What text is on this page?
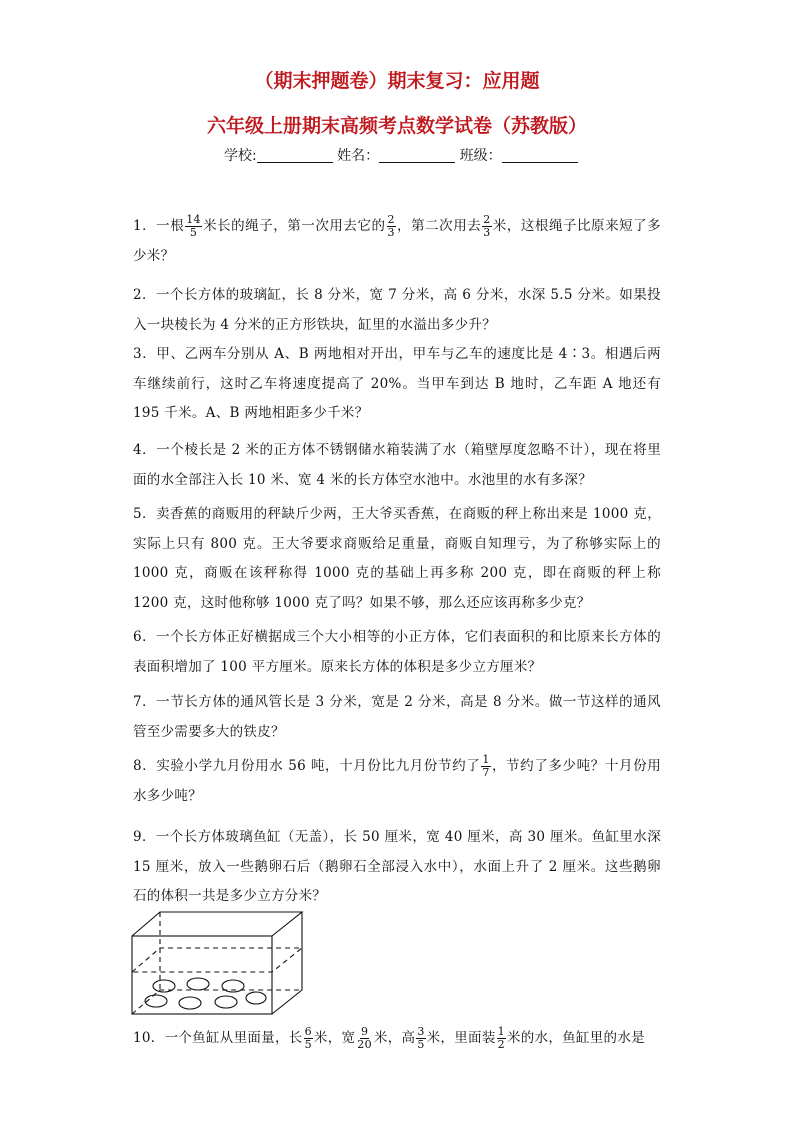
（期末押题卷）期末复习：应用题
六年级上册期末高频考点数学试卷（苏教版）
学校:	姓名：	班级：
1．一根 $\frac{14}{5}$ 米长的绳子，第一次用去它的 $\frac{2}{3}$ ，第二次用去 $\frac{2}{3}$ 米，这根绳子比原来短了多少米？
2．一个长方体的玻璃缸，长 8 分米，宽 7 分米，高 6 分米，水深 5.5 分米。如果投入一块棱长为 4 分米的正方形铁块，缸里的水溢出多少升？
3．甲、乙两车分别从 A、B 两地相对开出，甲车与乙车的速度比是 4∶3。相遇后两车继续前行，这时乙车将速度提高了 20%。当甲车到达 B 地时，乙车距 A 地还有 195 千米。A、B 两地相距多少千米？
4．一个棱长是 2 米的正方体不锈钢储水箱装满了水（箱壁厚度忽略不计），现在将里面的水全部注入长 10 米、宽 4 米的长方体空水池中。水池里的水有多深？
5．卖香蕉的商贩用的秤缺斤少两，王大爷买香蕉，在商贩的秤上称出来是 1000 克，实际上只有 800 克。王大爷要求商贩给足重量，商贩自知理亏，为了称够实际上的 1000 克，商贩在该秤称得 1000 克的基础上再多称 200 克，即在商贩的秤上称 1200 克，这时他称够 1000 克了吗？如果不够，那么还应该再称多少克？
6．一个长方体正好横据成三个大小相等的小正方体，它们表面积的和比原来长方体的表面积增加了 100 平方厘米。原来长方体的体积是多少立方厘米？
7．一节长方体的通风管长是 3 分米，宽是 2 分米，高是 8 分米。做一节这样的通风管至少需要多大的铁皮？
8．实验小学九月份用水 56 吨，十月份比九月份节约了 $\frac{1}{7}$ ，节约了多少吨？十月份用水多少吨？
9．一个长方体玻璃鱼缸（无盖），长 50 厘米，宽 40 厘米，高 30 厘米。鱼缸里水深 15 厘米，放入一些鹅卵石后（鹅卵石全部浸入水中），水面上升了 2 厘米。这些鹅卵石的体积一共是多少立方分米？
10．一个鱼缸从里面量，长 $\frac{6}{5}$ 米，宽 $\frac{9}{20}$ 米，高 $\frac{3}{5}$ 米，里面装 $\frac{1}{2}$ 米的水，鱼缸里的水是
